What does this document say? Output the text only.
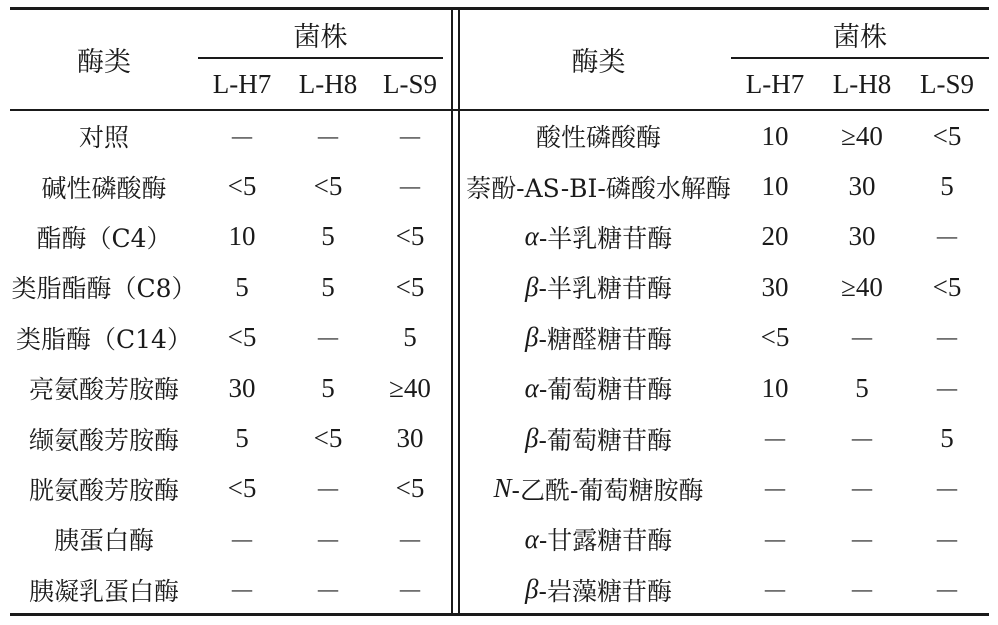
酶类
菌株
L-H7	L-H8 L-S9
酶类
菌株
L-H7	L-H8	L-S9
对照	－	－	－
碱性磷酸酶	<5	<5	－
酯酶（C4）	10	5	<5
类脂酯酶（C8）	5	5	<5
类脂酶（C14）	<5	－	5
亮氨酸芳胺酶	30	5	≥40
缬氨酸芳胺酶	5	<5	30
胱氨酸芳胺酶	<5	－	<5
胰蛋白酶	－	－	－
胰凝乳蛋白酶	－	－	－
酸性磷酸酶	10	≥40	<5
萘酚-AS-BI-磷酸水解酶	10	30	5
α -半乳糖苷酶	20	30	－
β -半乳糖苷酶	30	≥40	<5
β -糖醛糖苷酶	<5	－	－
α -葡萄糖苷酶	10	5	－
β -葡萄糖苷酶	－	－	5
N -乙酰-葡萄糖胺酶	－	－	－
α -甘露糖苷酶	－	－	－
β -岩藻糖苷酶	－	－	－
